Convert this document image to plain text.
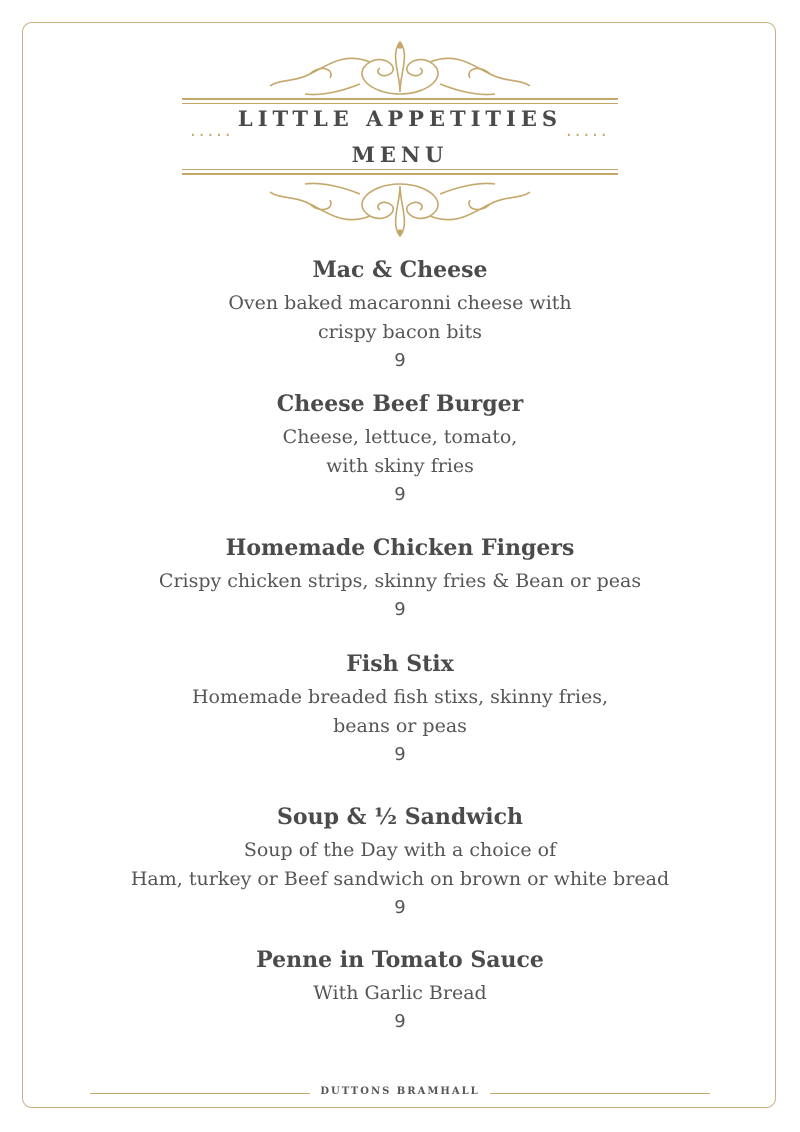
.....	.....
LITTLE APPETITIES
MENU
Mac & Cheese
Oven baked macaronni cheese with
crispy bacon bits
9
Cheese Beef Burger
Cheese, lettuce, tomato,
with skiny fries
9
Homemade Chicken Fingers
Crispy chicken strips, skinny fries & Bean or peas
9
Fish Stix
Homemade breaded fish stixs, skinny fries,
beans or peas
9
Soup & ½ Sandwich
Soup of the Day with a choice of
Ham, turkey or Beef sandwich on brown or white bread
9
Penne in Tomato Sauce
With Garlic Bread
9
DUTTONS BRAMHALL
